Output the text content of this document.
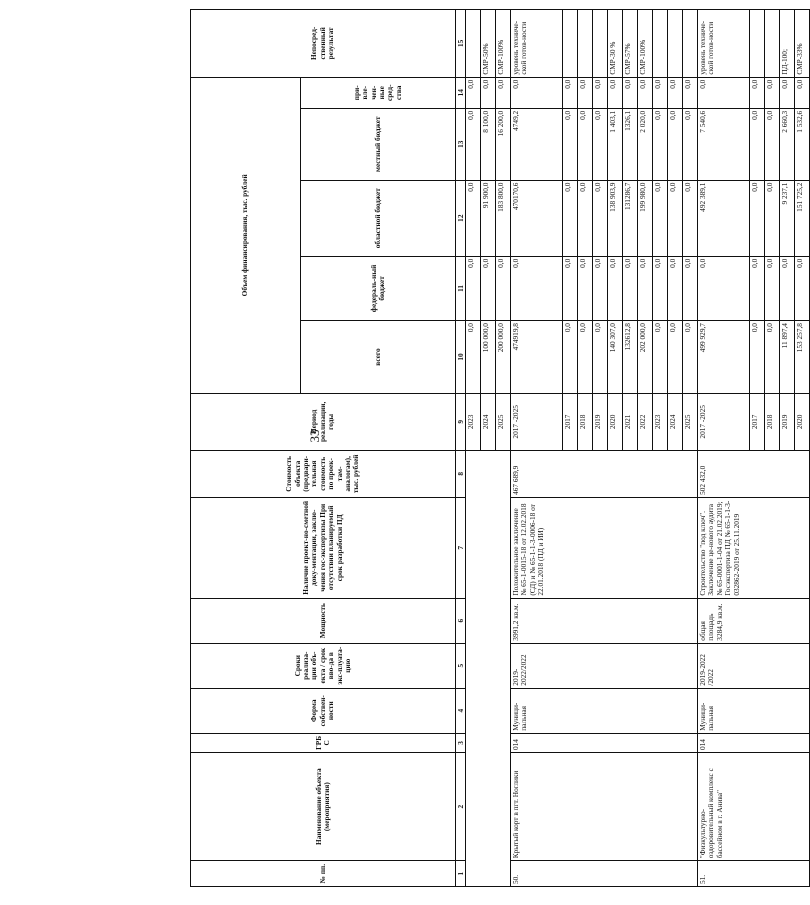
33
№ пп.	Наименование объекта (мероприятия)	ГРБС	Форма собствен-ности	Сроки реализа-ции объ-екта / срок вво-да в экс-плуата-цию	Мощность	Наличие проект-но-сметной доку-ментации, заклю-чения гос-экспертизы При отсутствии планируемый срок разработки ПД	Стоимость объекта (предвари-тельная стоимость по проек-там-аналогам), тыс. рублей	Период реализации, годы	Объем финансирования, тыс. рублей					Непосред-ственный результат
									всего	федераль-ный бюджет	областной бюджет	местный бюджет	при-вле-чен-ные сред-ства	
1	2	3	4	5	6	7	8	9	10	11	12	13	14	15
								2023	0,0	0,0	0,0	0,0	0,0	
								2024	100 000,0	0,0	91 900,0	8 100,0	0,0	СМР-50%
								2025	200 000,0	0,0	183 800,0	16 200,0	0,0	СМР-100%
50.	Крытый корт в пгт. Ноглики	014	Муници-пальная	2019-2022/2022	3991,2 кв.м.	Положительное заключение № 65-1-0015-18 от 12.02.2018 (СД) и № 65-1-1-3-0006-18 от 22.01.2018 (ПД и ИИ)	467 689,9	2017 -2025	474919,8	0,0	470170,6	4749,2	0,0	уровень техниче-ской готов-ности
								2017	0,0	0,0	0,0	0,0	0,0	
								2018	0,0	0,0	0,0	0,0	0,0	
								2019	0,0	0,0	0,0	0,0	0,0	
								2020	140 307,0	0,0	138 903,9	1 403,1	0,0	СМР-30 %
								2021	132612,8	0,0	131286,7	1326,1	0,0	СМР-57%
								2022	202 000,0	0,0	199 980,0	2 020,0	0,0	СМР-100%
								2023	0,0	0,0	0,0	0,0	0,0	
								2024	0,0	0,0	0,0	0,0	0,0	
								2025	0,0	0,0	0,0	0,0	0,0	
51.	"Физкультурно-оздоровительный комплекс с бассейном в г. Анива"	014	Муници-пальная	2019-2022 /2022	общая площадь 3284,9 кв.м.	Строительство "под ключ". Заключение це-нового аудита № 65-0001-1-04 от 21.02.2019; Госэкспертиза ПД № 65-1-1-3-032862-2019 от 25.11.2019	502 432,0	2017 -2025	499 929,7	0,0	492 389,1	7 540,6	0,0	уровень техниче-ской готов-ности
								2017	0,0	0,0	0,0	0,0	0,0	
								2018	0,0	0,0	0,0	0,0	0,0	
								2019	11 897,4	0,0	9 237,1	2 660,3	0,0	ПД-100;
								2020	153 257,8	0,0	151 725,2	1 532,6	0,0	СМР-33%
